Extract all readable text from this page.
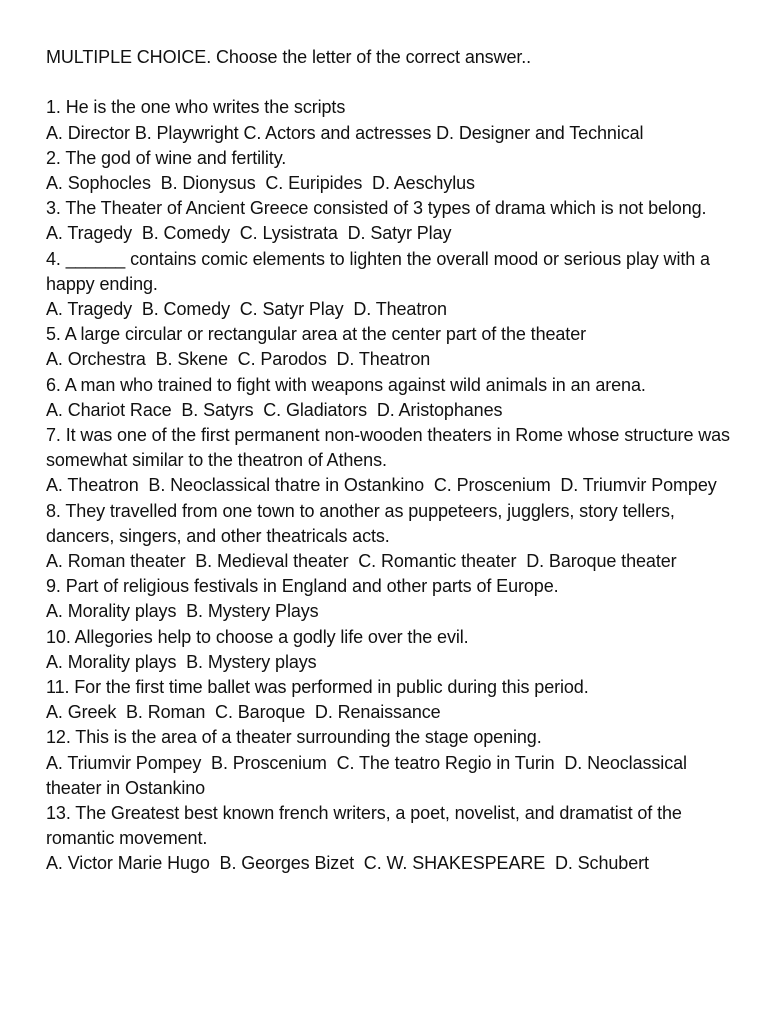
MULTIPLE CHOICE. Choose the letter of the correct answer..

1. He is the one who writes the scripts

A. Director B. Playwright C. Actors and actresses D. Designer and Technical

2. The god of wine and fertility.

A. Sophocles  B. Dionysus  C. Euripides  D. Aeschylus

3. The Theater of Ancient Greece consisted of 3 types of drama which is not belong.

A. Tragedy  B. Comedy  C. Lysistrata  D. Satyr Play

4. ______ contains comic elements to lighten the overall mood or serious play with a happy ending.

A. Tragedy  B. Comedy  C. Satyr Play  D. Theatron

5. A large circular or rectangular area at the center part of the theater

A. Orchestra  B. Skene  C. Parodos  D. Theatron

6. A man who trained to fight with weapons against wild animals in an arena.

A. Chariot Race  B. Satyrs  C. Gladiators  D. Aristophanes

7. It was one of the first permanent non-wooden theaters in Rome whose structure was somewhat similar to the theatron of Athens.

A. Theatron  B. Neoclassical thatre in Ostankino  C. Proscenium  D. Triumvir Pompey

8. They travelled from one town to another as puppeteers, jugglers, story tellers, dancers, singers, and other theatricals acts.

A. Roman theater  B. Medieval theater  C. Romantic theater  D. Baroque theater

9. Part of religious festivals in England and other parts of Europe.

A. Morality plays  B. Mystery Plays

10. Allegories help to choose a godly life over the evil.

A. Morality plays  B. Mystery plays

11. For the first time ballet was performed in public during this period.

A. Greek  B. Roman  C. Baroque  D. Renaissance

12. This is the area of a theater surrounding the stage opening.

A. Triumvir Pompey  B. Proscenium  C. The teatro Regio in Turin  D. Neoclassical theater in Ostankino

13. The Greatest best known french writers, a poet, novelist, and dramatist of the romantic movement.

A. Victor Marie Hugo  B. Georges Bizet  C. W. SHAKESPEARE  D. Schubert
